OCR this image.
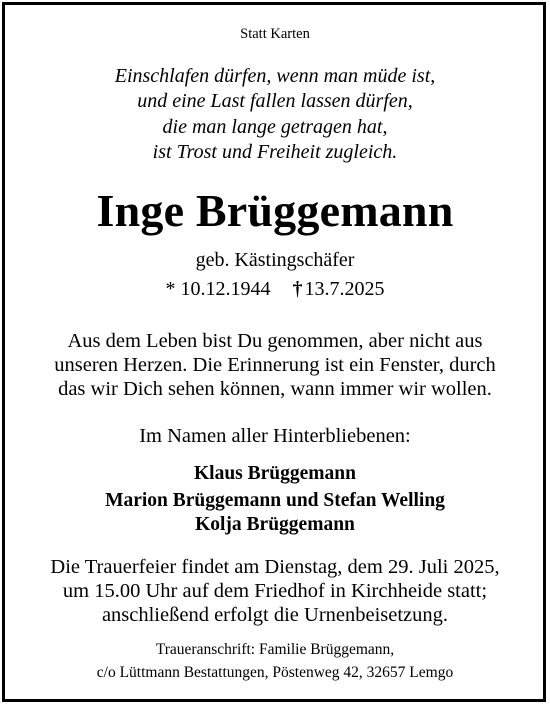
Statt Karten
Einschlafen dürfen, wenn man müde ist,
und eine Last fallen lassen dürfen,
die man lange getragen hat,
ist Trost und Freiheit zugleich.
Inge Brüggemann
geb. Kästingschäfer
* 10.12.1944 † 13.7.2025
Aus dem Leben bist Du genommen, aber nicht aus
unseren Herzen. Die Erinnerung ist ein Fenster, durch
das wir Dich sehen können, wann immer wir wollen.
Im Namen aller Hinterbliebenen:
Klaus Brüggemann
Marion Brüggemann und Stefan Welling
Kolja Brüggemann
Die Trauerfeier findet am Dienstag, dem 29. Juli 2025,
um 15.00 Uhr auf dem Friedhof in Kirchheide statt;
anschließend erfolgt die Urnenbeisetzung.
Traueranschrift: Familie Brüggemann,
c/o Lüttmann Bestattungen, Pöstenweg 42, 32657 Lemgo
